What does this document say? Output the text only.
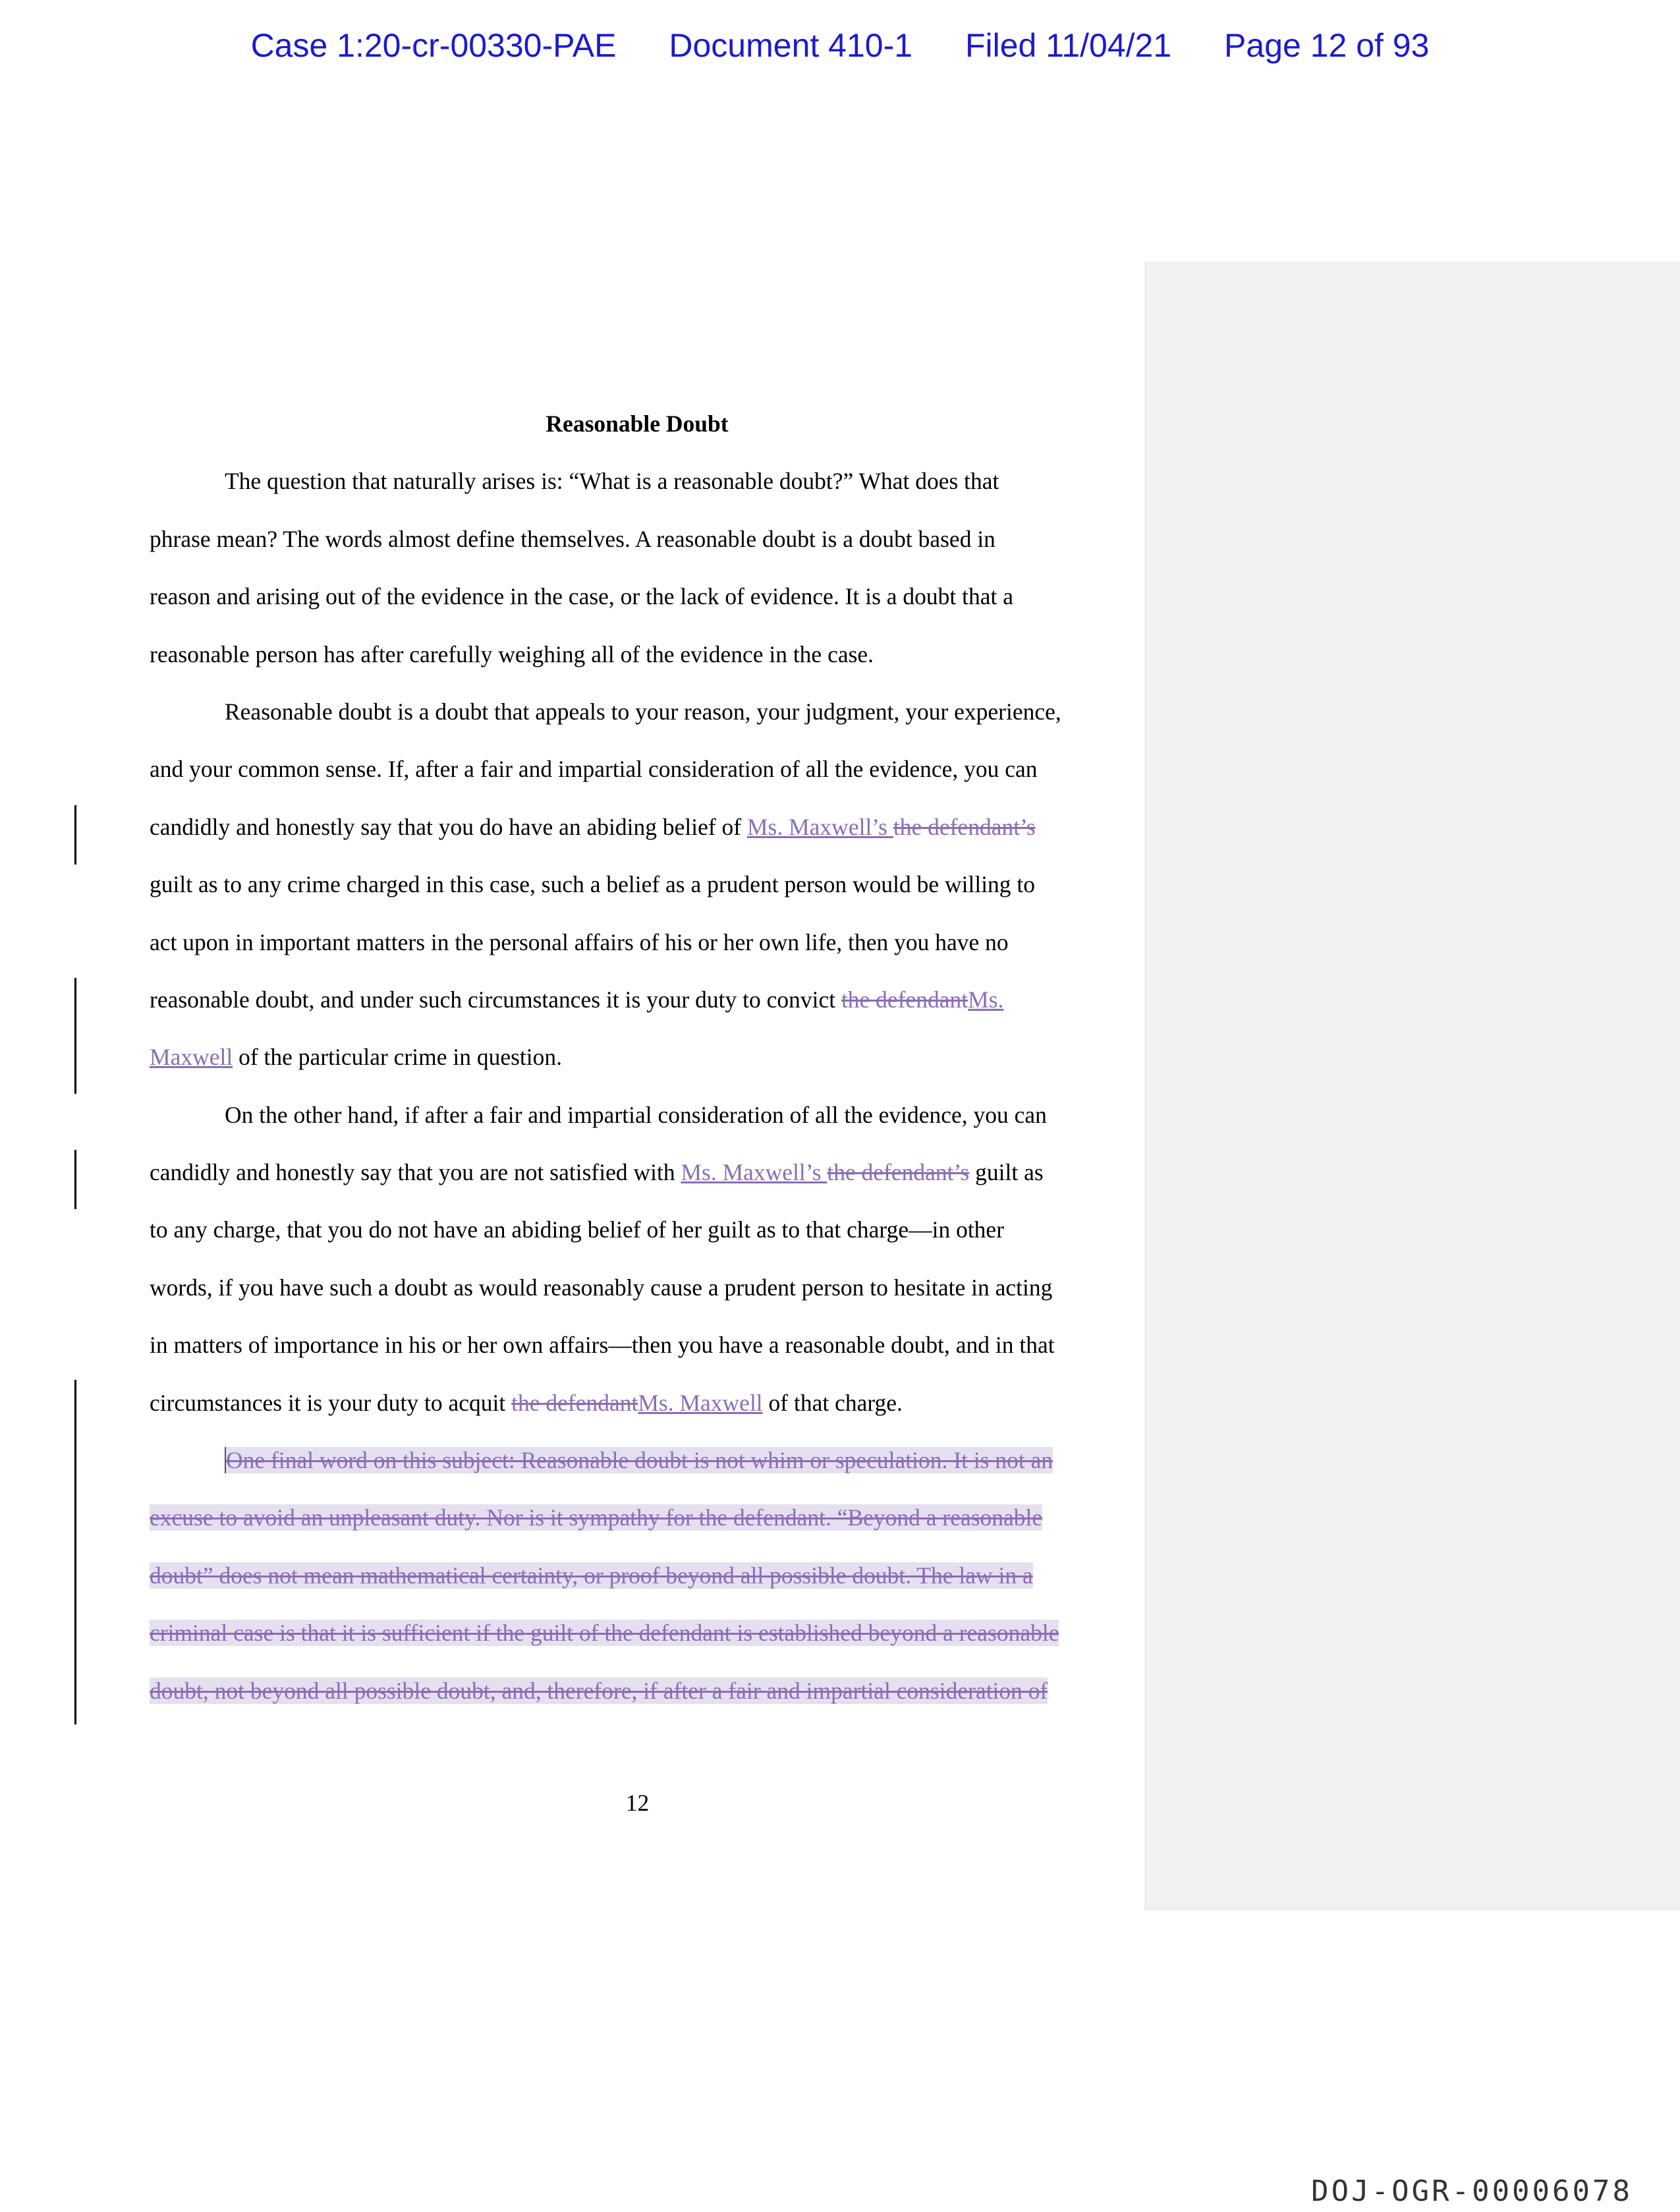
Case 1:20-cr-00330-PAE Document 410-1 Filed 11/04/21 Page 12 of 93
Reasonable Doubt
The question that naturally arises is: “What is a reasonable doubt?” What does that
phrase mean? The words almost define themselves. A reasonable doubt is a doubt based in
reason and arising out of the evidence in the case, or the lack of evidence. It is a doubt that a
reasonable person has after carefully weighing all of the evidence in the case.
Reasonable doubt is a doubt that appeals to your reason, your judgment, your experience,
and your common sense. If, after a fair and impartial consideration of all the evidence, you can
candidly and honestly say that you do have an abiding belief of Ms. Maxwell’s the defendant’s
guilt as to any crime charged in this case, such a belief as a prudent person would be willing to
act upon in important matters in the personal affairs of his or her own life, then you have no
reasonable doubt, and under such circumstances it is your duty to convict the defendantMs.
Maxwell of the particular crime in question.
On the other hand, if after a fair and impartial consideration of all the evidence, you can
candidly and honestly say that you are not satisfied with Ms. Maxwell’s the defendant’s guilt as
to any charge, that you do not have an abiding belief of her guilt as to that charge—in other
words, if you have such a doubt as would reasonably cause a prudent person to hesitate in acting
in matters of importance in his or her own affairs—then you have a reasonable doubt, and in that
circumstances it is your duty to acquit the defendantMs. Maxwell of that charge.
One final word on this subject: Reasonable doubt is not whim or speculation. It is not an
excuse to avoid an unpleasant duty. Nor is it sympathy for the defendant. “Beyond a reasonable
doubt” does not mean mathematical certainty, or proof beyond all possible doubt. The law in a
criminal case is that it is sufficient if the guilt of the defendant is established beyond a reasonable
doubt, not beyond all possible doubt, and, therefore, if after a fair and impartial consideration of
12
DOJ-OGR-00006078
